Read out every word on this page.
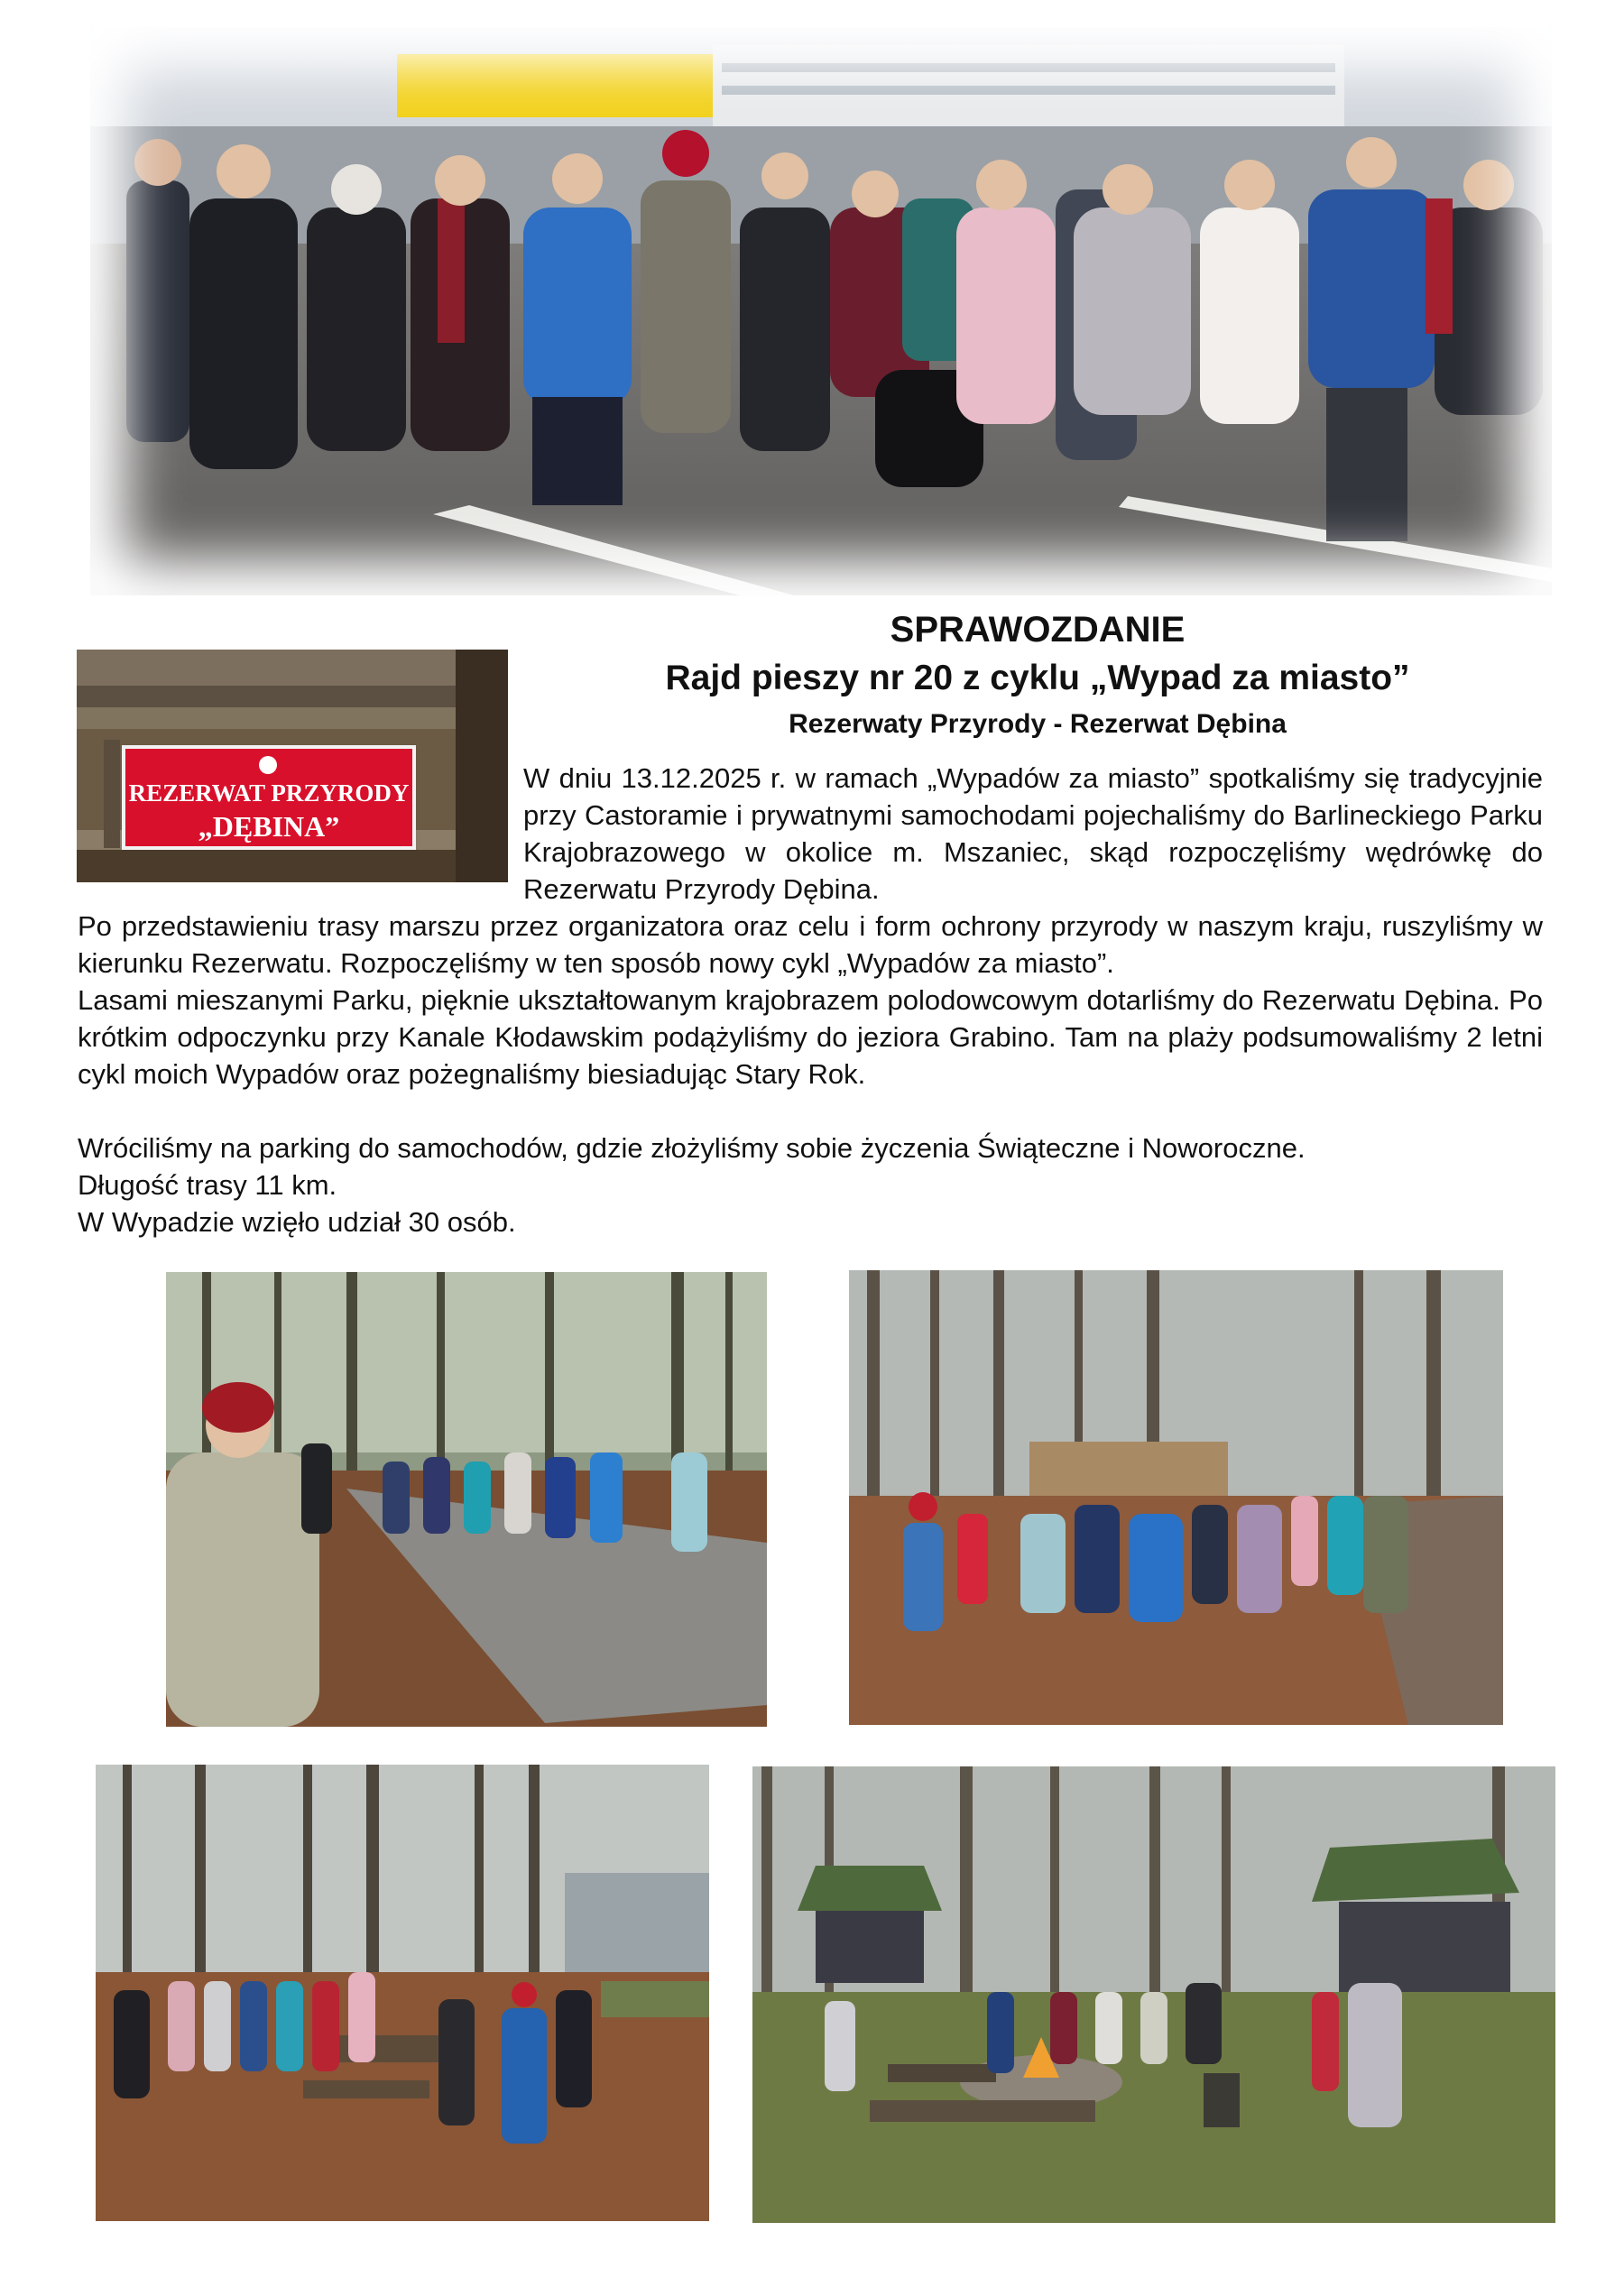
REZERWAT PRZYRODY
„DĘBINA”
SPRAWOZDANIE
Rajd pieszy nr 20 z cyklu „Wypad za miasto”
Rezerwaty Przyrody - Rezerwat Dębina

W dniu 13.12.2025 r. w ramach „Wypadów za miasto” spotkaliśmy się tradycyjnie przy Castoramie i prywatnymi samochodami pojechaliśmy do Barlineckiego Parku Krajobrazowego w okolice m. Mszaniec, skąd rozpoczęliśmy wędrówkę do Rezerwatu Przyrody Dębina.

Po przedstawieniu trasy marszu przez organizatora oraz celu i form ochrony przyrody w naszym kraju, ruszyliśmy w kierunku Rezerwatu. Rozpoczęliśmy w ten sposób nowy cykl „Wypadów za miasto”.

Lasami mieszanymi Parku, pięknie ukształtowanym krajobrazem polodowcowym dotarliśmy do Rezerwatu Dębina. Po krótkim odpoczynku przy Kanale Kłodawskim podążyliśmy do jeziora Grabino. Tam na plaży podsumowaliśmy 2 letni cykl moich Wypadów oraz pożegnaliśmy biesiadując Stary Rok.

Wróciliśmy na parking do samochodów, gdzie złożyliśmy sobie życzenia Świąteczne i Noworoczne.

Długość trasy 11 km.

W Wypadzie wzięło udział 30 osób.
